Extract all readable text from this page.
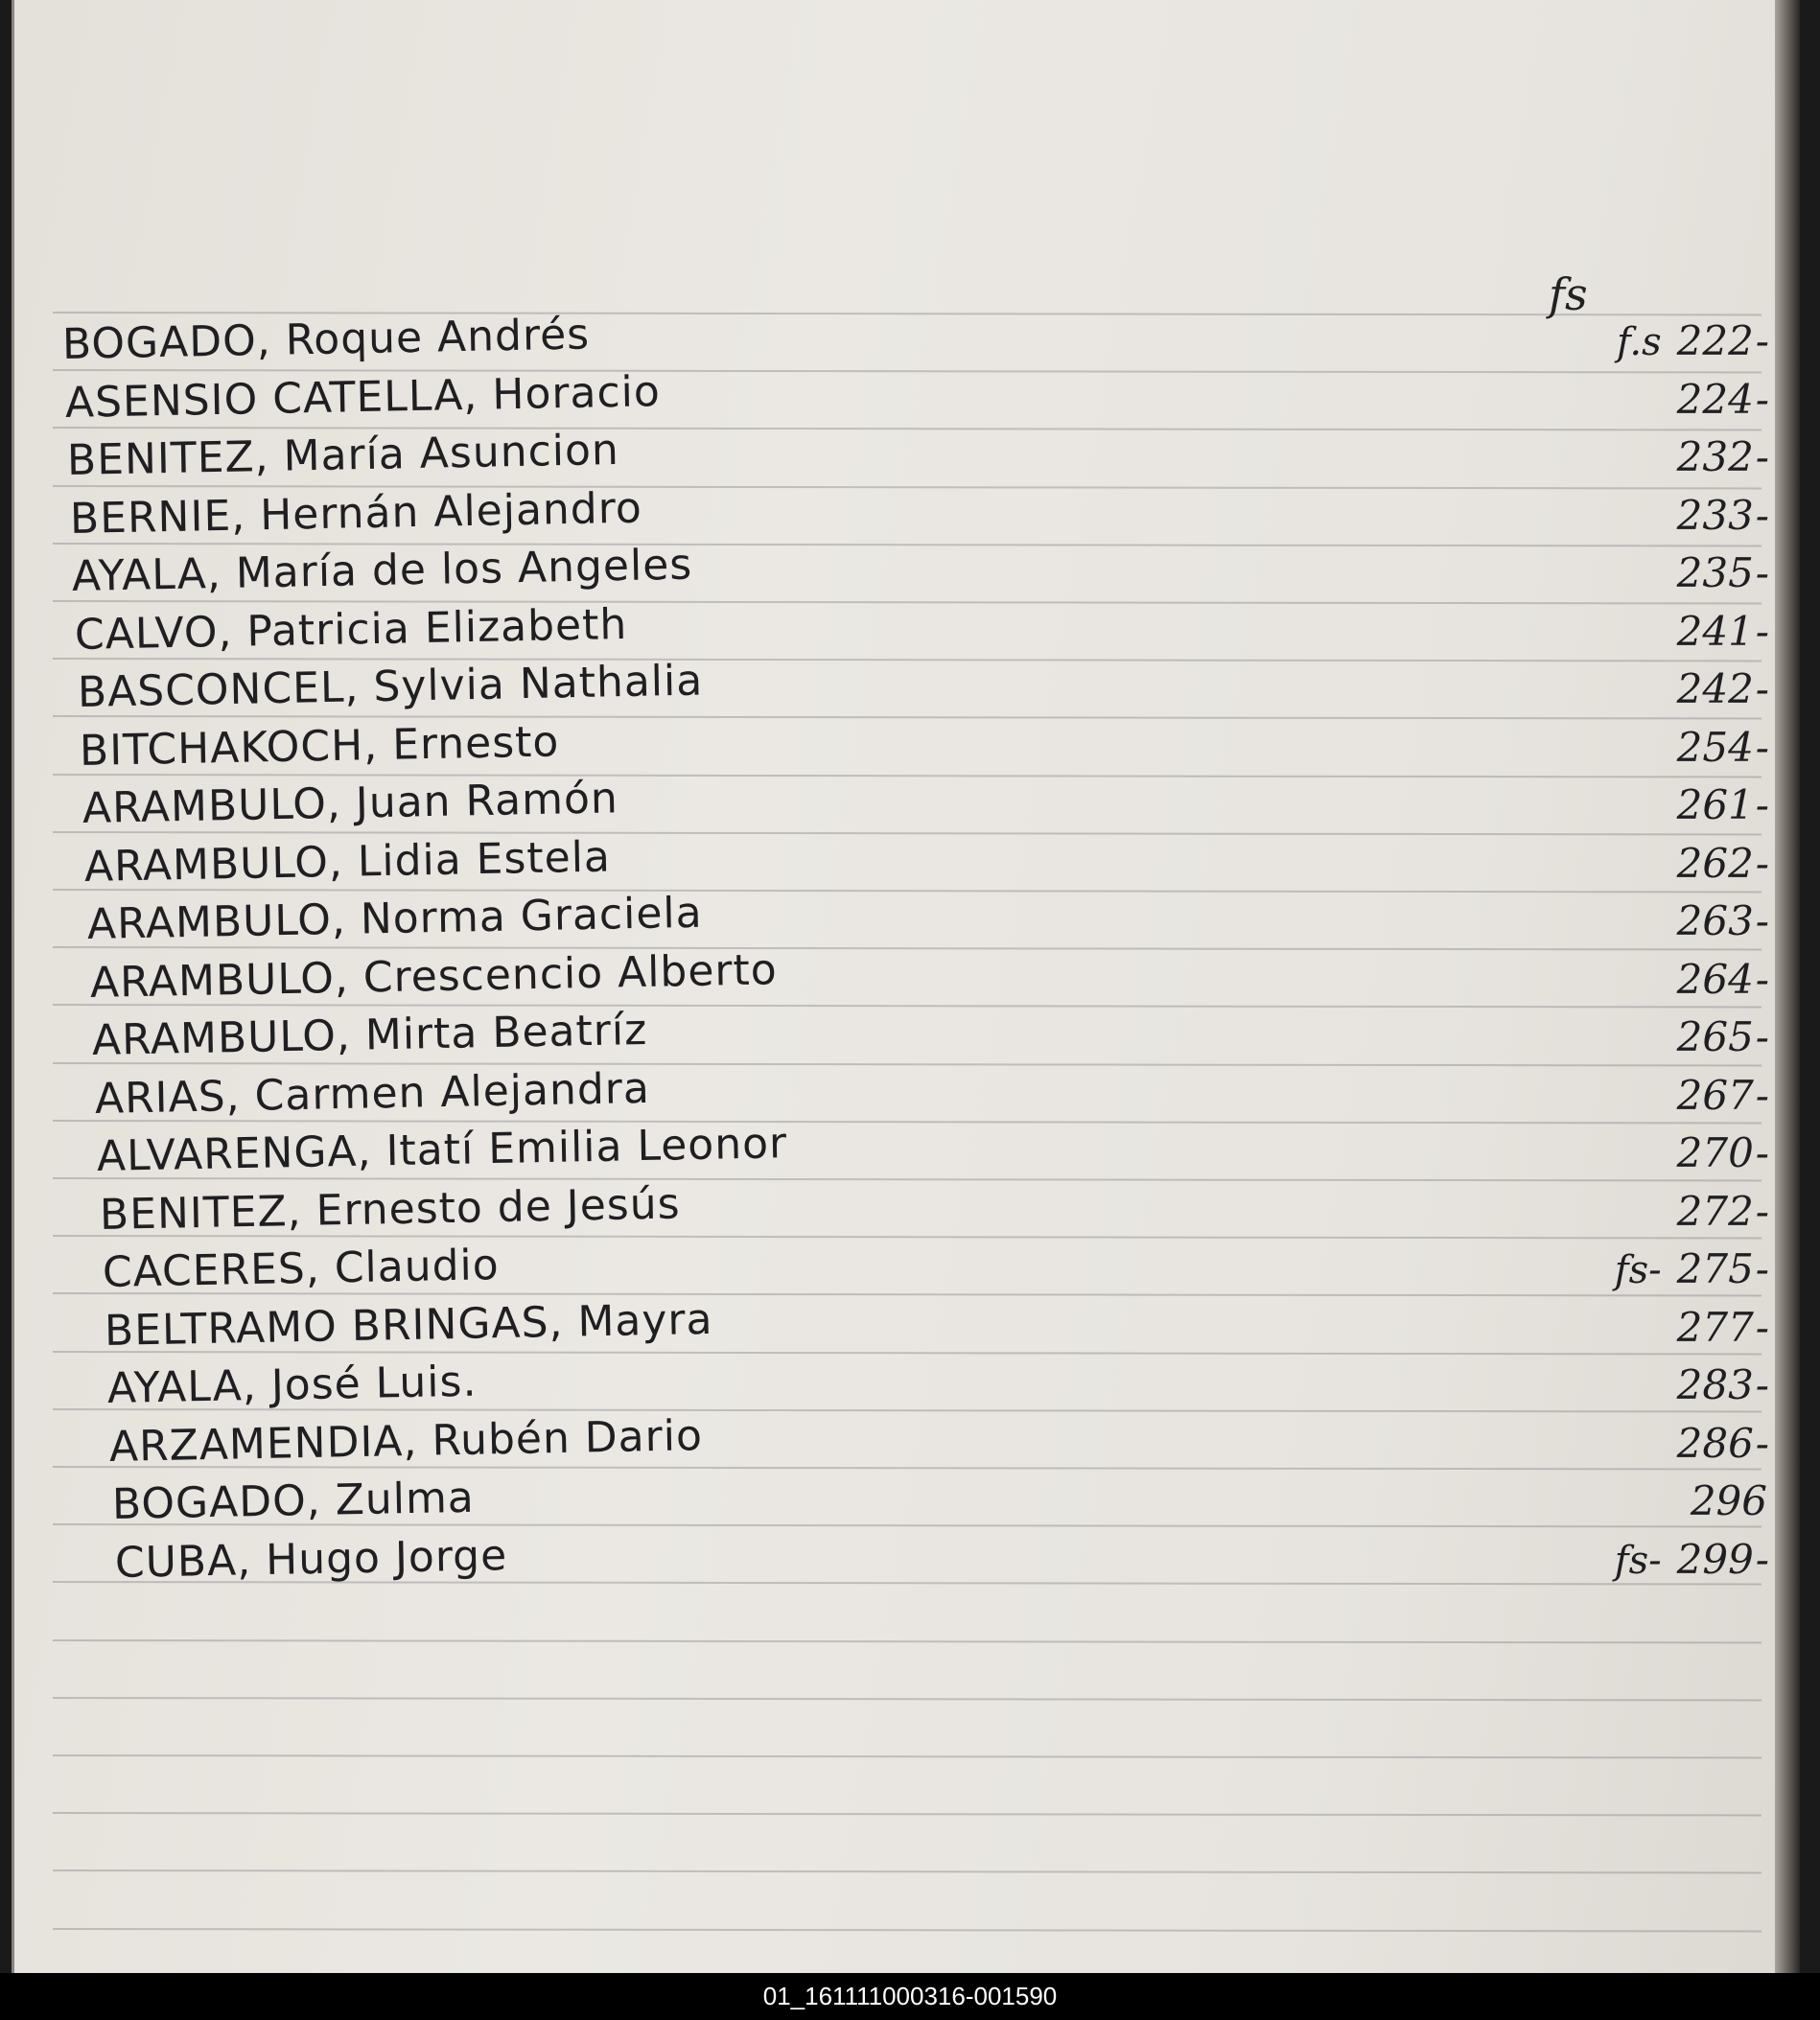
fs
BOGADO, Roque Andrés	f.s 222-
ASENSIO CATELLA, Horacio	224-
BENITEZ, María Asuncion	232-
BERNIE, Hernán Alejandro	233-
AYALA, María de los Angeles	235-
CALVO, Patricia Elizabeth	241-
BASCONCEL, Sylvia Nathalia	242-
BITCHAKOCH, Ernesto	254-
ARAMBULO, Juan Ramón	261-
ARAMBULO, Lidia Estela	262-
ARAMBULO, Norma Graciela	263-
ARAMBULO, Crescencio Alberto	264-
ARAMBULO, Mirta Beatríz	265-
ARIAS, Carmen Alejandra	267-
ALVARENGA, Itatí Emilia Leonor	270-
BENITEZ, Ernesto de Jesús	272-
CACERES, Claudio	fs- 275-
BELTRAMO BRINGAS, Mayra	277-
AYALA, José Luis.	283-
ARZAMENDIA, Rubén Dario	286-
BOGADO, Zulma	296
CUBA, Hugo Jorge	fs- 299-
01_161111000316-001590
